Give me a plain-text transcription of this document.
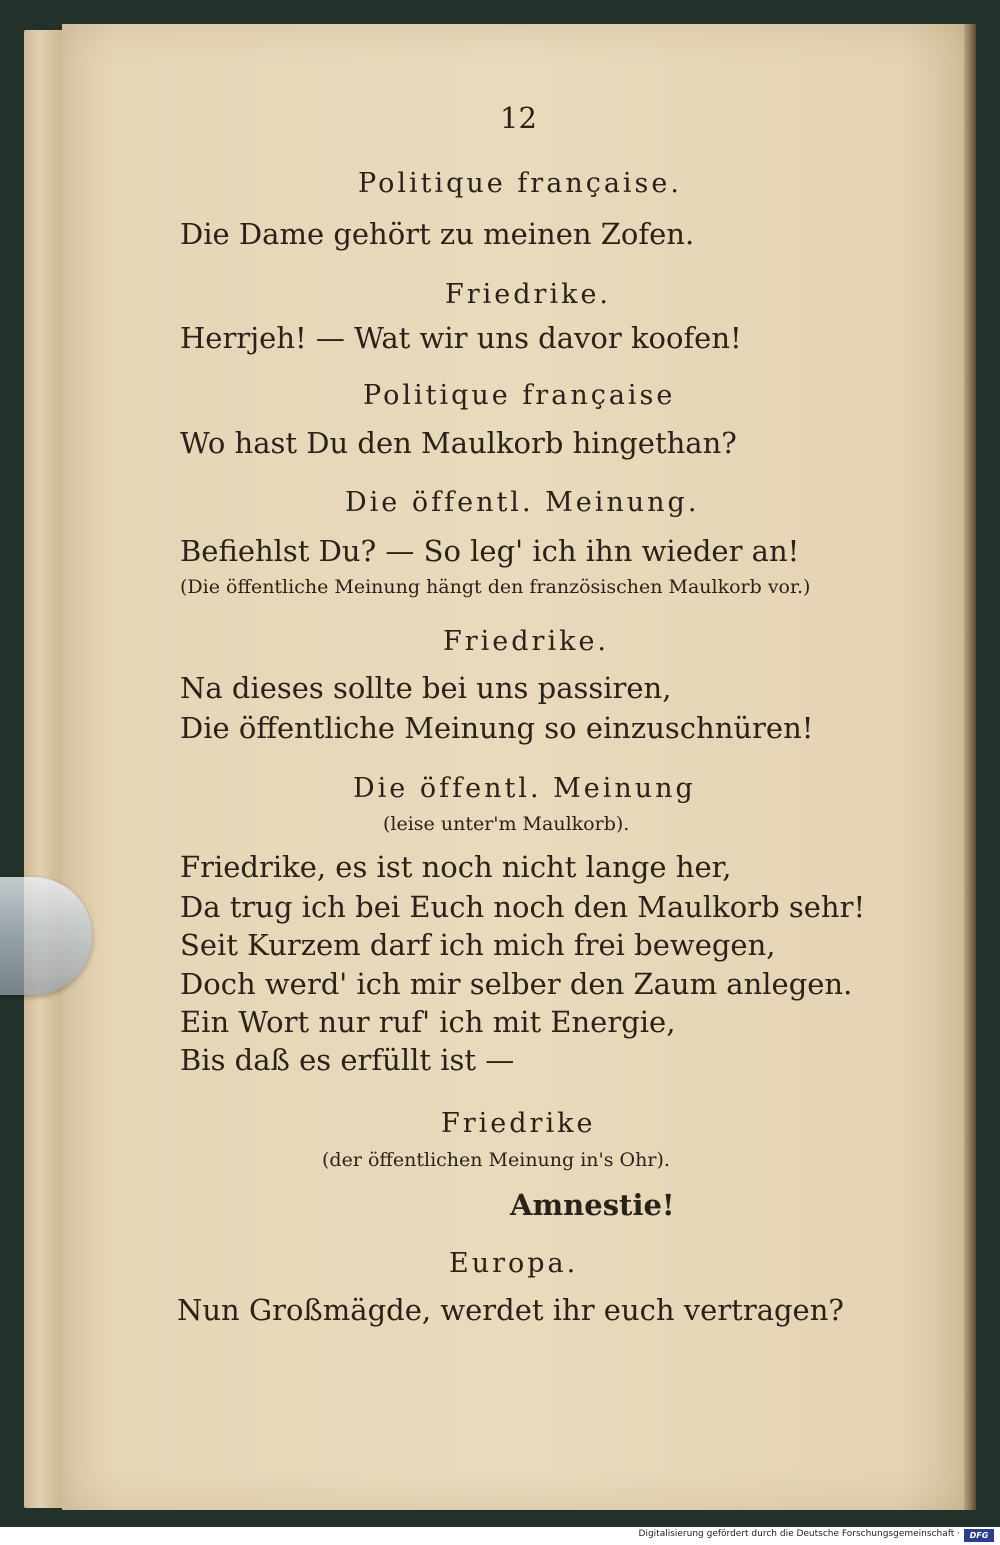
12
Politique française.
Die Dame gehört zu meinen Zofen.
Friedrike.
Herrjeh! — Wat wir uns davor koofen!
Politique française
Wo hast Du den Maulkorb hingethan?
Die öffentl. Meinung.
Befiehlst Du? — So leg' ich ihn wieder an!
(Die öffentliche Meinung hängt den französischen Maulkorb vor.)
Friedrike.
Na dieses sollte bei uns passiren,
Die öffentliche Meinung so einzuschnüren!
Die öffentl. Meinung
(leise unter'm Maulkorb).
Friedrike, es ist noch nicht lange her,
Da trug ich bei Euch noch den Maulkorb sehr!
Seit Kurzem darf ich mich frei bewegen,
Doch werd' ich mir selber den Zaum anlegen.
Ein Wort nur ruf' ich mit Energie,
Bis daß es erfüllt ist —
Friedrike
(der öffentlichen Meinung in's Ohr).
Amnestie!
Europa.
Nun Großmägde, werdet ihr euch vertragen?
Digitalisierung gefördert durch die Deutsche Forschungsgemeinschaft ·	DFG
